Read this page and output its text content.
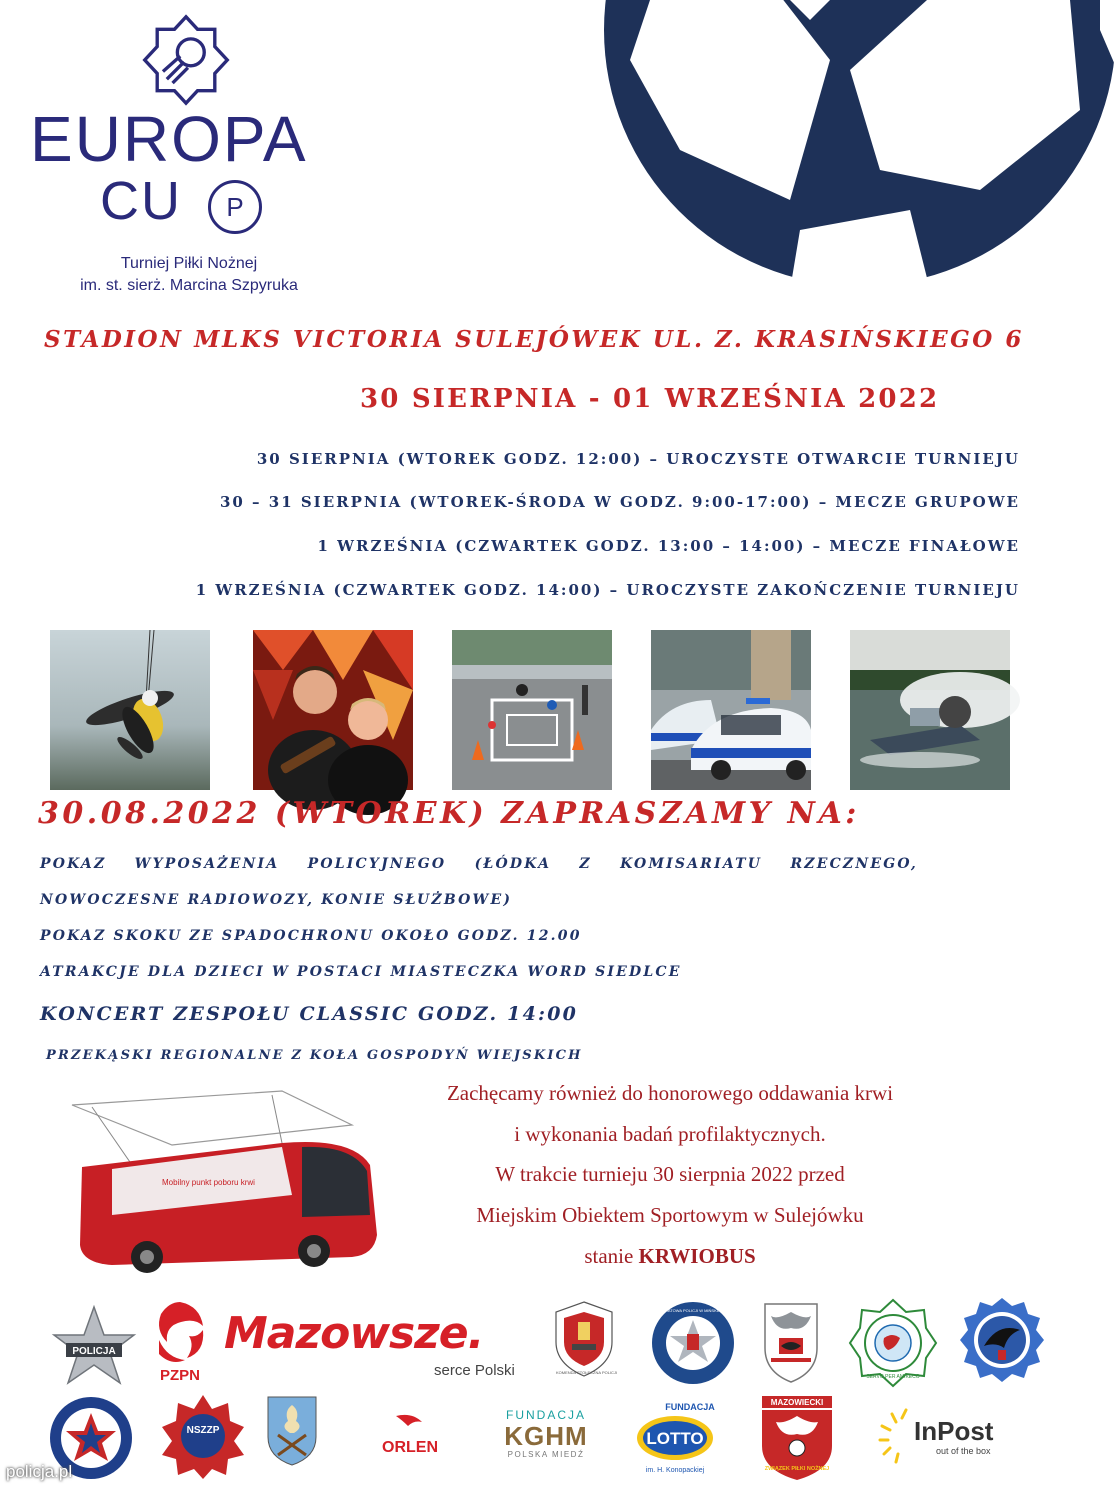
EUROPA
CU	P
Turniej Piłki Nożnej
im. st. sierż. Marcina Szpyruka
STADION MLKS VICTORIA SULEJÓWEK UL. Z. KRASIŃSKIEGO 6
30 SIERPNIA - 01 WRZEŚNIA 2022
30 SIERPNIA (WTOREK GODZ. 12:00) – UROCZYSTE OTWARCIE TURNIEJU
30 – 31 SIERPNIA (WTOREK-ŚRODA W GODZ. 9:00-17:00) – MECZE GRUPOWE
1 WRZEŚNIA (CZWARTEK GODZ. 13:00 – 14:00) – MECZE FINAŁOWE
1 WRZEŚNIA (CZWARTEK GODZ. 14:00) – UROCZYSTE ZAKOŃCZENIE TURNIEJU
30.08.2022 (WTOREK) ZAPRASZAMY NA:
POKAZ WYPOSAŻENIA POLICYJNEGO (ŁÓDKA Z KOMISARIATU RZECZNEGO,
NOWOCZESNE RADIOWOZY, KONIE SŁUŻBOWE)
POKAZ SKOKU ZE SPADOCHRONU OKOŁO GODZ. 12.00
ATRAKCJE DLA DZIECI W POSTACI MIASTECZKA WORD SIEDLCE
KONCERT ZESPOŁU CLASSIC GODZ. 14:00
PRZEKĄSKI REGIONALNE Z KOŁA GOSPODYŃ WIEJSKICH
Zachęcamy również do honorowego oddawania krwi
i wykonania badań profilaktycznych.
W trakcie turnieju 30 sierpnia 2022 przed
Miejskim Obiektem Sportowym w Sulejówku
stanie KRWIOBUS
Mobilny punkt poboru krwi
POLICJA
PZPN
Mazowsze.
serce Polski	KOMENDA STOŁECZNA POLICJI
KOMENDA POWIATOWA POLICJI W MIŃSKU MAZOWIECKIM
SERVO PER AMIKECO
NSZZP
ORLEN
FUNDACJA
KGHM
POLSKA MIEDŹ
FUNDACJA
LOTTO
im. H. Konopackiej
MAZOWIECKI
ZWIĄZEK PIŁKI NOŻNEJ
InPost
out of the box
policja.pl
